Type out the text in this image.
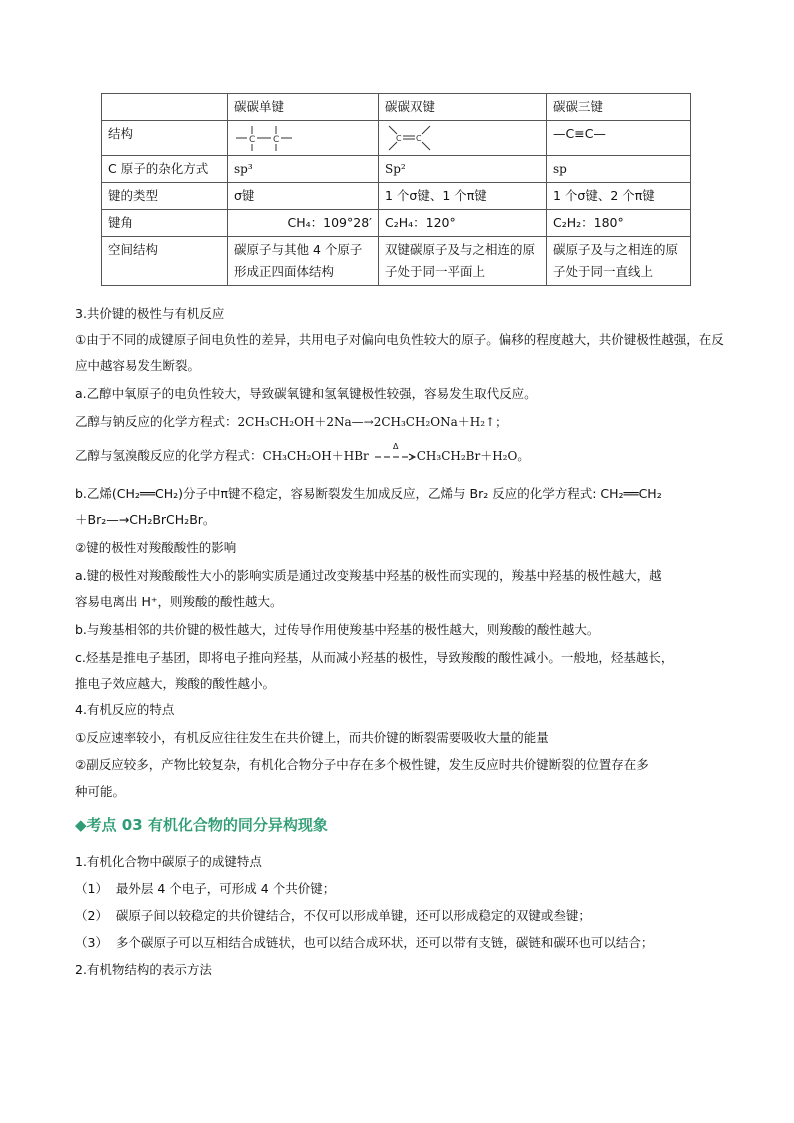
	碳碳单键	碳碳双键	碳碳三键
结构	C C	C C	—C≡C—
C 原子的杂化方式	sp³	Sp²	sp
键的类型	σ键	1 个σ键、1 个π键	1 个σ键、2 个π键
键角	CH₄：109°28′	C₂H₄：120°	C₂H₂：180°
空间结构	碳原子与其他 4 个原子形成正四面体结构	双键碳原子及与之相连的原子处于同一平面上	碳原子及与之相连的原子处于同一直线上
3.共价键的极性与有机反应
①由于不同的成键原子间电负性的差异，共用电子对偏向电负性较大的原子。偏移的程度越大，共价键极性越强，在反应中越容易发生断裂。
a.乙醇中氧原子的电负性较大，导致碳氧键和氢氧键极性较强，容易发生取代反应。
乙醇与钠反应的化学方程式：2CH₃CH₂OH＋2Na—→2CH₃CH₂ONa＋H₂↑；
乙醇与氢溴酸反应的化学方程式：CH₃CH₂OH＋HBr
Δ
CH₃CH₂Br＋H₂O。
b.乙烯(CH₂══CH₂)分子中π键不稳定，容易断裂发生加成反应，乙烯与 Br₂ 反应的化学方程式: CH₂══CH₂
＋Br₂—→CH₂BrCH₂Br。
②键的极性对羧酸酸性的影响
a.键的极性对羧酸酸性大小的影响实质是通过改变羧基中羟基的极性而实现的，羧基中羟基的极性越大，越
容易电离出 H⁺，则羧酸的酸性越大。
b.与羧基相邻的共价键的极性越大，过传导作用使羧基中羟基的极性越大，则羧酸的酸性越大。
c.烃基是推电子基团，即将电子推向羟基，从而减小羟基的极性，导致羧酸的酸性减小。一般地，烃基越长，
推电子效应越大，羧酸的酸性越小。
4.有机反应的特点
①反应速率较小，有机反应往往发生在共价键上，而共价键的断裂需要吸收大量的能量
②副反应较多，产物比较复杂，有机化合物分子中存在多个极性键，发生反应时共价键断裂的位置存在多
种可能。
◆考点 03 有机化合物的同分异构现象
1.有机化合物中碳原子的成键特点
（1） 最外层 4 个电子，可形成 4 个共价键；
（2） 碳原子间以较稳定的共价键结合，不仅可以形成单键，还可以形成稳定的双键或叁键；
（3） 多个碳原子可以互相结合成链状，也可以结合成环状，还可以带有支链，碳链和碳环也可以结合；
2.有机物结构的表示方法
